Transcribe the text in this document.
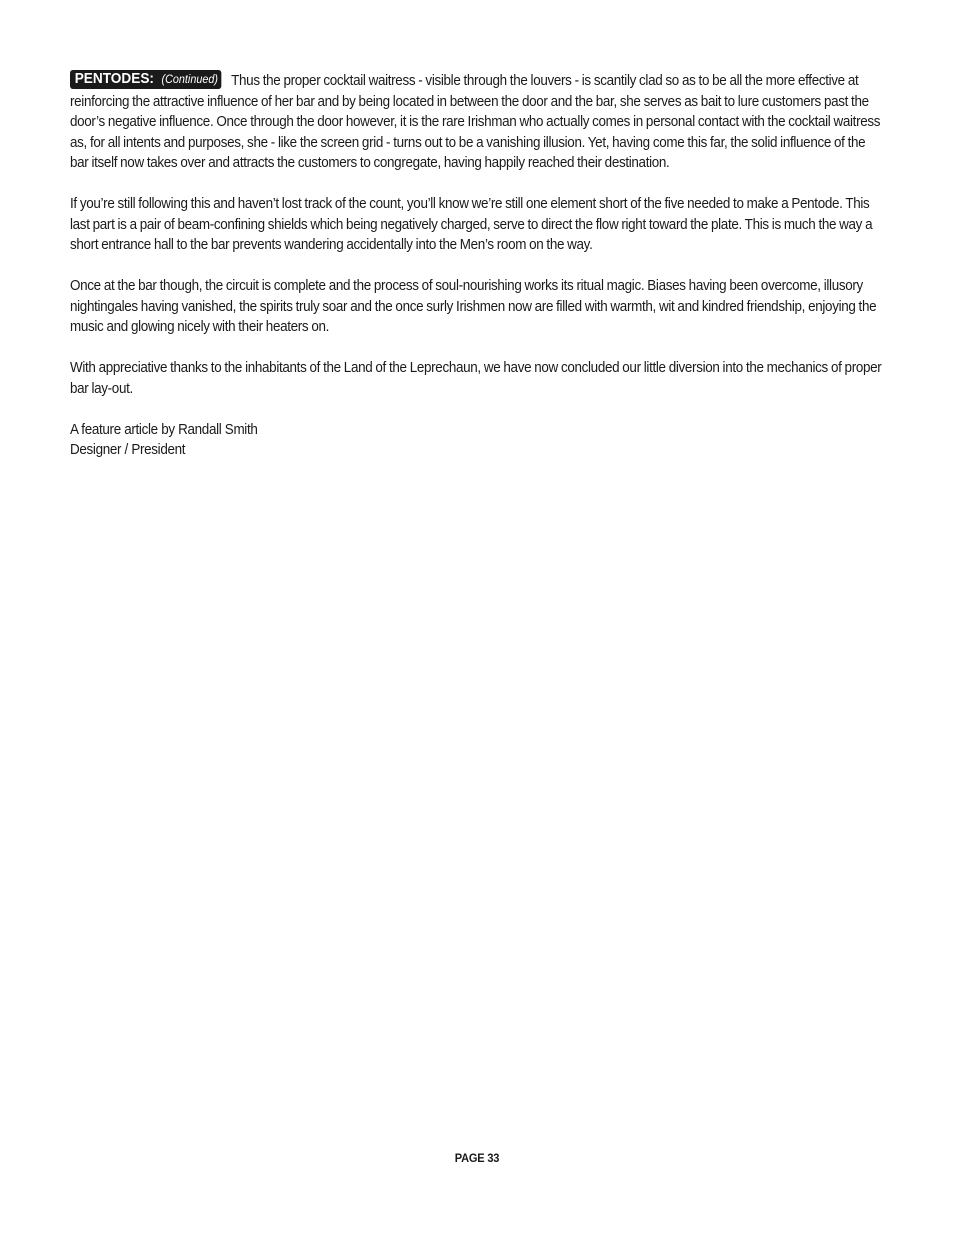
PENTODES: (Continued) Thus the proper cocktail waitress - visible through the louvers - is scantily clad so as to be all the more effective at reinforcing the attractive influence of her bar and by being located in between the door and the bar, she serves as bait to lure customers past the door’s negative influence. Once through the door however, it is the rare Irishman who actually comes in personal contact with the cocktail waitress as, for all intents and purposes, she - like the screen grid - turns out to be a vanishing illusion. Yet, having come this far, the solid influence of the bar itself now takes over and attracts the customers to congregate, having happily reached their destination.

If you’re still following this and haven’t lost track of the count, you’ll know we’re still one element short of the five needed to make a Pentode. This last part is a pair of beam-confining shields which being negatively charged, serve to direct the flow right toward the plate. This is much the way a short entrance hall to the bar prevents wandering accidentally into the Men’s room on the way.

Once at the bar though, the circuit is complete and the process of soul-nourishing works its ritual magic. Biases having been overcome, illusory nightingales having vanished, the spirits truly soar and the once surly Irishmen now are filled with warmth, wit and kindred friendship, enjoying the music and glowing nicely with their heaters on.

With appreciative thanks to the inhabitants of the Land of the Leprechaun, we have now concluded our little diversion into the mechanics of proper bar lay-out.

A feature article by Randall Smith

Designer / President

PAGE 33
